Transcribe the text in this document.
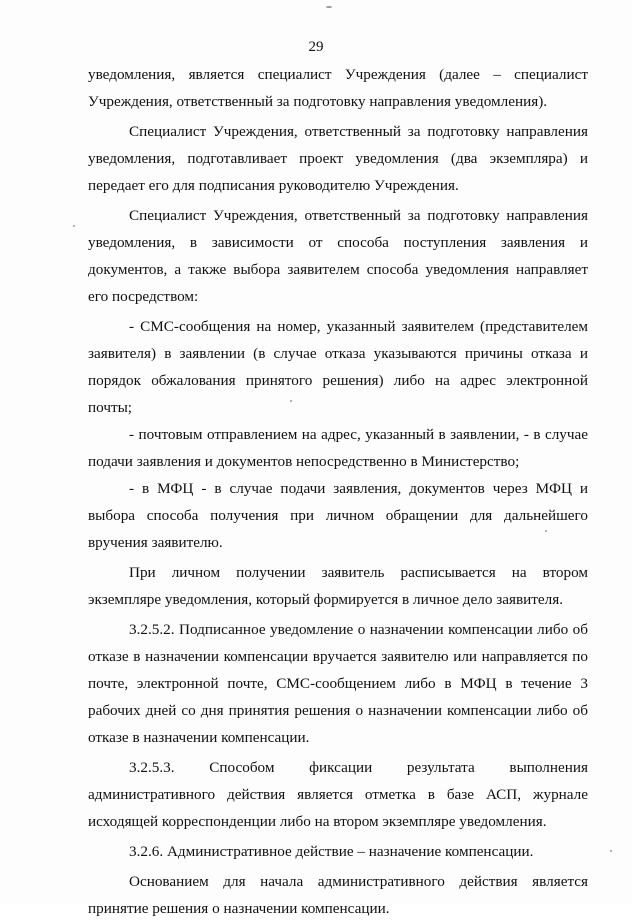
29

уведомления, является специалист Учреждения (далее – специалист Учреждения, ответственный за подготовку направления уведомления).

Специалист Учреждения, ответственный за подготовку направления уведомления, подготавливает проект уведомления (два экземпляра) и передает его для подписания руководителю Учреждения.

Специалист Учреждения, ответственный за подготовку направления уведомления, в зависимости от способа поступления заявления и документов, а также выбора заявителем способа уведомления направляет его посредством:

- СМС-сообщения на номер, указанный заявителем (представителем заявителя) в заявлении (в случае отказа указываются причины отказа и порядок обжалования принятого решения) либо на адрес электронной почты;

- почтовым отправлением на адрес, указанный в заявлении, - в случае подачи заявления и документов непосредственно в Министерство;

- в МФЦ - в случае подачи заявления, документов через МФЦ и выбора способа получения при личном обращении для дальнейшего вручения заявителю.

При личном получении заявитель расписывается на втором экземпляре уведомления, который формируется в личное дело заявителя.

3.2.5.2. Подписанное уведомление о назначении компенсации либо об отказе в назначении компенсации вручается заявителю или направляется по почте, электронной почте, СМС-сообщением либо в МФЦ в течение 3 рабочих дней со дня принятия решения о назначении компенсации либо об отказе в назначении компенсации.

3.2.5.3. Способом фиксации результата выполнения административного действия является отметка в базе АСП, журнале исходящей корреспонденции либо на втором экземпляре уведомления.

3.2.6. Административное действие – назначение компенсации.

Основанием для начала административного действия является принятие решения о назначении компенсации.
